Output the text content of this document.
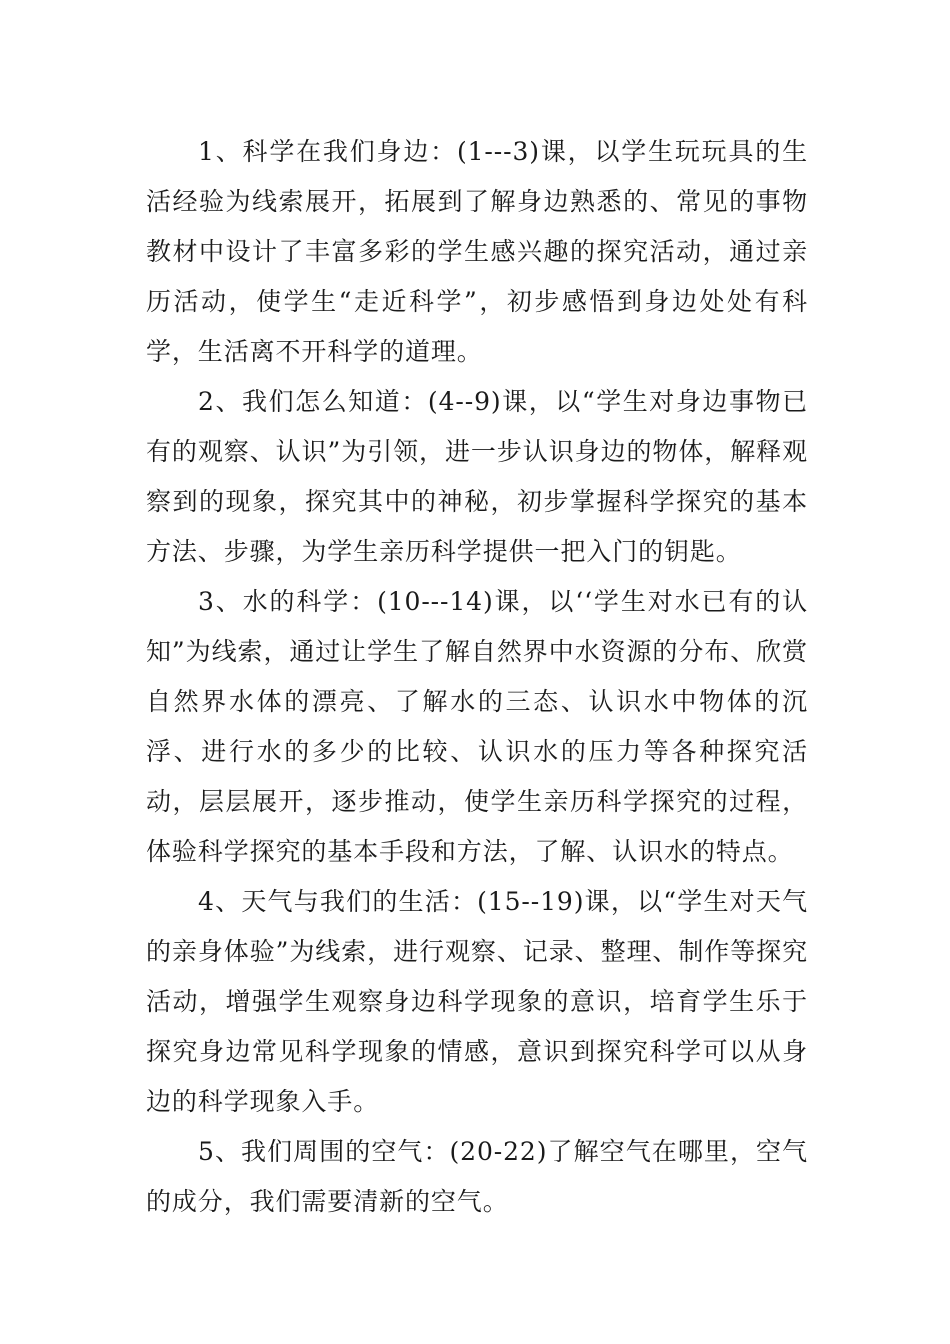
1、科学在我们身边：(1---3)课，以学生玩玩具的生活经验为线索展开，拓展到了解身边熟悉的、常见的事物教材中设计了丰富多彩的学生感兴趣的探究活动，通过亲历活动，使学生“走近科学”，初步感悟到身边处处有科学，生活离不开科学的道理。

2、我们怎么知道：(4--9)课，以“学生对身边事物已有的观察、认识”为引领，进一步认识身边的物体，解释观察到的现象，探究其中的神秘，初步掌握科学探究的基本方法、步骤，为学生亲历科学提供一把入门的钥匙。

3、水的科学：(10---14)课，以‘‘学生对水已有的认知”为线索，通过让学生了解自然界中水资源的分布、欣赏自然界水体的漂亮、了解水的三态、认识水中物体的沉浮、进行水的多少的比较、认识水的压力等各种探究活动，层层展开，逐步推动，使学生亲历科学探究的过程，体验科学探究的基本手段和方法，了解、认识水的特点。

4、天气与我们的生活：(15--19)课，以“学生对天气的亲身体验”为线索，进行观察、记录、整理、制作等探究活动，增强学生观察身边科学现象的意识，培育学生乐于探究身边常见科学现象的情感，意识到探究科学可以从身边的科学现象入手。

5、我们周围的空气：(20-22)了解空气在哪里，空气的成分，我们需要清新的空气。
